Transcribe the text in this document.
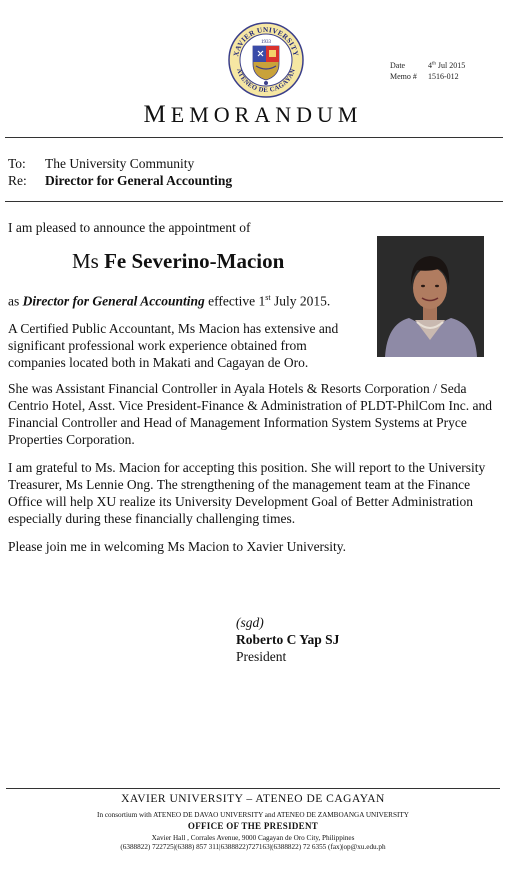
XAVIER UNIVERSITY
ATENEO DE CAGAYAN
1933
Date	4th Jul 2015
Memo # 1516-012
MEMORANDUM
To: The University Community
Re: Director for General Accounting
I am pleased to announce the appointment of
Ms Fe Severino-Macion
as Director for General Accounting effective 1st July 2015.
A Certified Public Accountant, Ms Macion has extensive and
significant professional work experience obtained from
companies located both in Makati and Cagayan de Oro.
She was Assistant Financial Controller in Ayala Hotels & Resorts Corporation / Seda
Centrio Hotel, Asst. Vice President-Finance & Administration of PLDT-PhilCom Inc. and
Financial Controller and Head of Management Information System Systems at Pryce
Properties Corporation.
I am grateful to Ms. Macion for accepting this position. She will report to the University
Treasurer, Ms Lennie Ong. The strengthening of the management team at the Finance
Office will help XU realize its University Development Goal of Better Administration
especially during these financially challenging times.
Please join me in welcoming Ms Macion to Xavier University.
(sgd)
Roberto C Yap SJ
President
XAVIER UNIVERSITY – ATENEO DE CAGAYAN
In consortium with ATENEO DE DAVAO UNIVERSITY and ATENEO DE ZAMBOANGA UNIVERSITY
OFFICE OF THE PRESIDENT
Xavier Hall , Corrales Avenue, 9000 Cagayan de Oro City, Philippines
(6388822) 722725|(6388) 857 311|6388822)727163|(6388822) 72 6355 (fax)|op@xu.edu.ph
